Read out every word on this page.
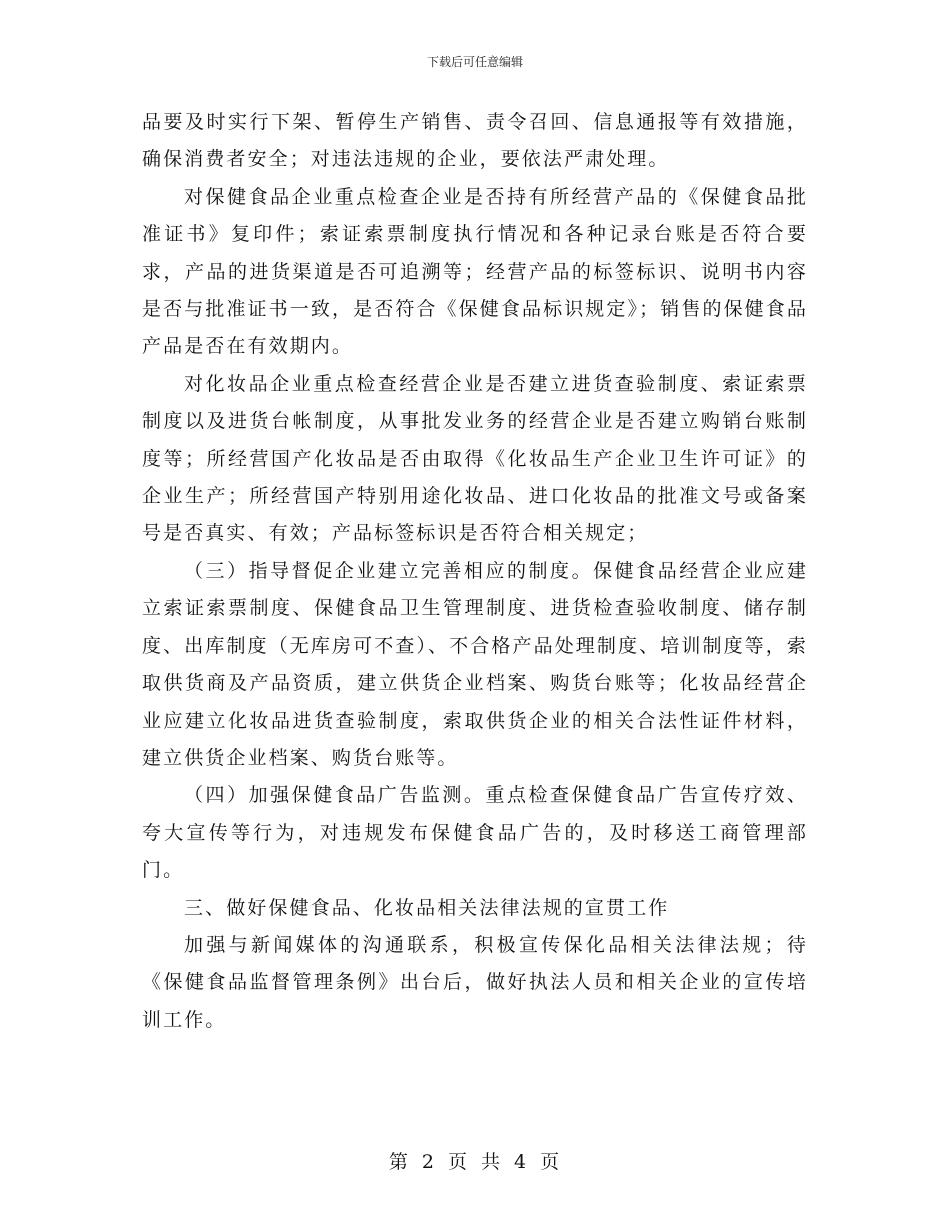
下载后可任意编辑

品要及时实行下架、暂停生产销售、责令召回、信息通报等有效措施，确保消费者安全；对违法违规的企业，要依法严肃处理。

对保健食品企业重点检查企业是否持有所经营产品的《保健食品批准证书》复印件；索证索票制度执行情况和各种记录台账是否符合要求，产品的进货渠道是否可追溯等；经营产品的标签标识、说明书内容是否与批准证书一致，是否符合《保健食品标识规定》；销售的保健食品产品是否在有效期内。

对化妆品企业重点检查经营企业是否建立进货查验制度、索证索票制度以及进货台帐制度，从事批发业务的经营企业是否建立购销台账制度等；所经营国产化妆品是否由取得《化妆品生产企业卫生许可证》的企业生产；所经营国产特别用途化妆品、进口化妆品的批准文号或备案号是否真实、有效；产品标签标识是否符合相关规定；

（三）指导督促企业建立完善相应的制度。保健食品经营企业应建立索证索票制度、保健食品卫生管理制度、进货检查验收制度、储存制度、出库制度（无库房可不查）、不合格产品处理制度、培训制度等，索取供货商及产品资质，建立供货企业档案、购货台账等；化妆品经营企业应建立化妆品进货查验制度，索取供货企业的相关合法性证件材料，建立供货企业档案、购货台账等。

（四）加强保健食品广告监测。重点检查保健食品广告宣传疗效、夸大宣传等行为，对违规发布保健食品广告的，及时移送工商管理部门。

三、做好保健食品、化妆品相关法律法规的宣贯工作

加强与新闻媒体的沟通联系，积极宣传保化品相关法律法规；待《保健食品监督管理条例》出台后，做好执法人员和相关企业的宣传培训工作。

第 2 页 共 4 页
